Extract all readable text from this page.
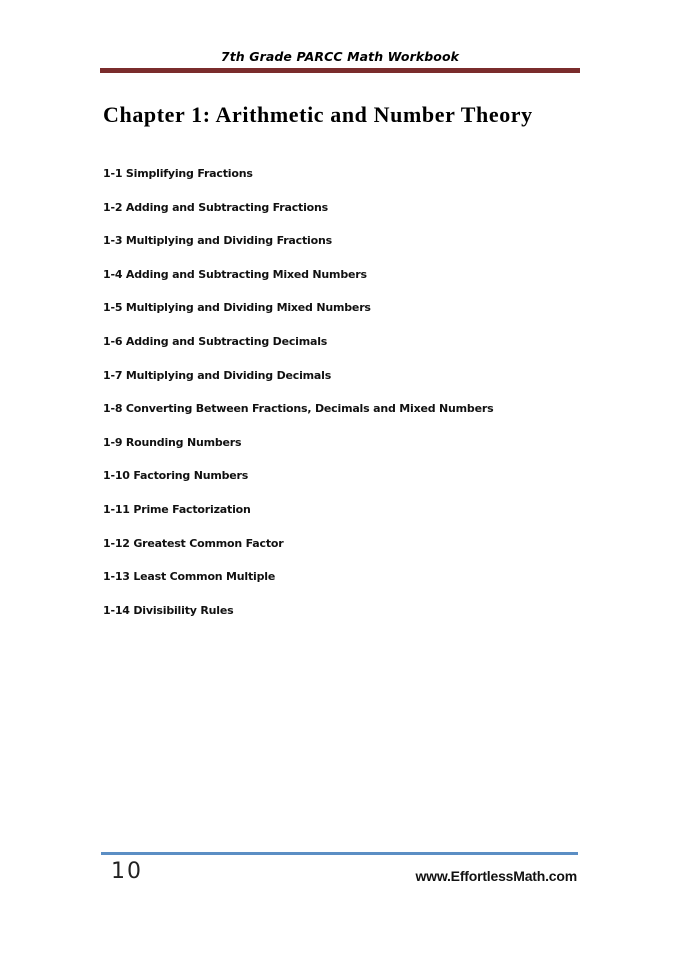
7th Grade PARCC Math Workbook
Chapter 1: Arithmetic and Number Theory
1-1 Simplifying Fractions
1-2 Adding and Subtracting Fractions
1-3 Multiplying and Dividing Fractions
1-4 Adding and Subtracting Mixed Numbers
1-5 Multiplying and Dividing Mixed Numbers
1-6 Adding and Subtracting Decimals
1-7 Multiplying and Dividing Decimals
1-8 Converting Between Fractions, Decimals and Mixed Numbers
1-9 Rounding Numbers
1-10 Factoring Numbers
1-11 Prime Factorization
1-12 Greatest Common Factor
1-13 Least Common Multiple
1-14 Divisibility Rules
10	www.EffortlessMath.com
